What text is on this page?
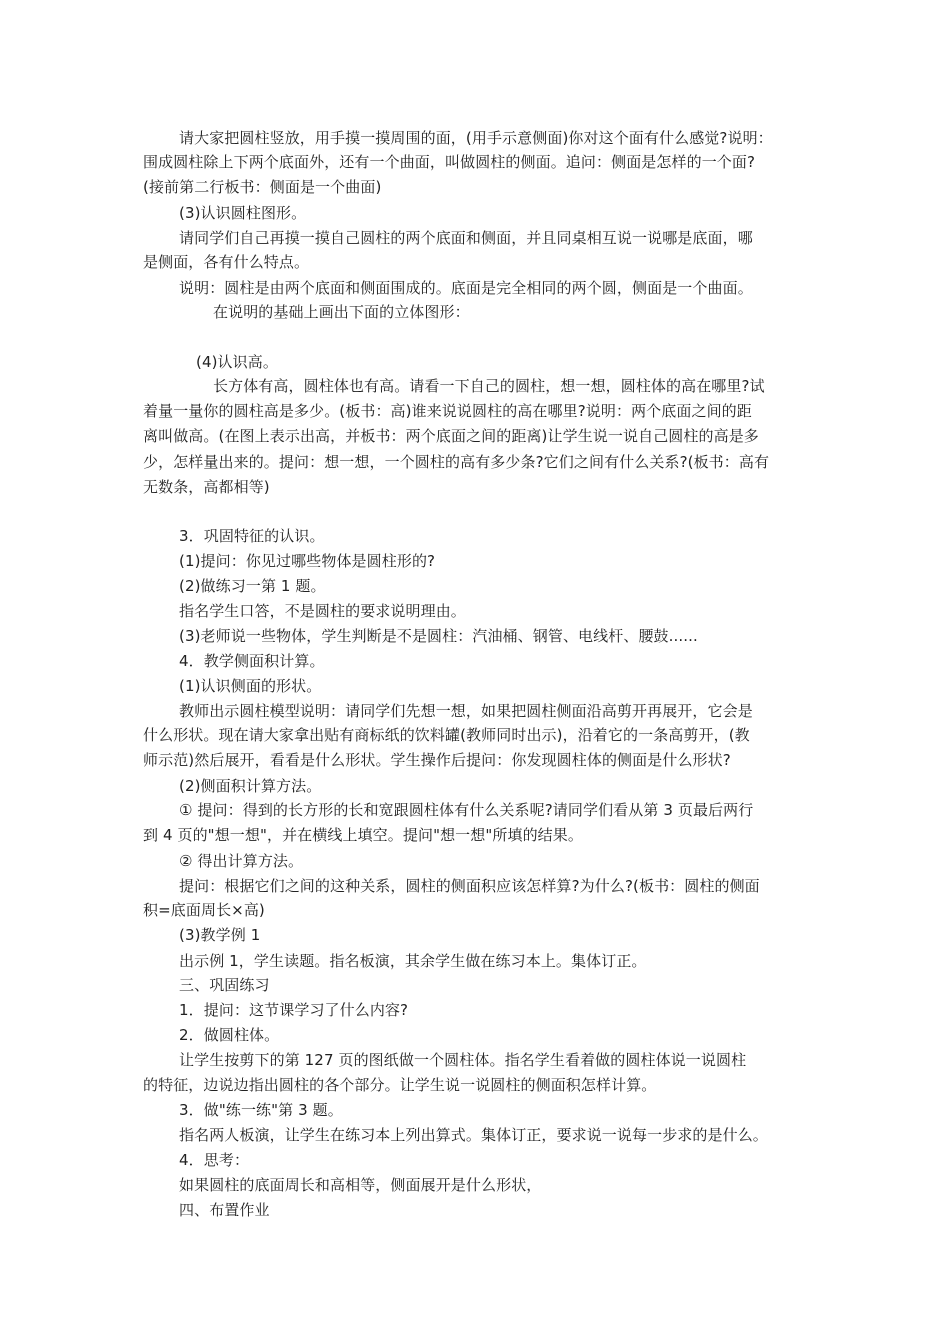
请大家把圆柱竖放，用手摸一摸周围的面，(用手示意侧面)你对这个面有什么感觉?说明：
围成圆柱除上下两个底面外，还有一个曲面，叫做圆柱的侧面。追问：侧面是怎样的一个面?
(接前第二行板书：侧面是一个曲面)
(3)认识圆柱图形。
请同学们自己再摸一摸自己圆柱的两个底面和侧面，并且同桌相互说一说哪是底面，哪
是侧面，各有什么特点。
说明：圆柱是由两个底面和侧面围成的。底面是完全相同的两个圆，侧面是一个曲面。
在说明的基础上画出下面的立体图形：
(4)认识高。
长方体有高，圆柱体也有高。请看一下自己的圆柱，想一想，圆柱体的高在哪里?试
着量一量你的圆柱高是多少。(板书：高)谁来说说圆柱的高在哪里?说明：两个底面之间的距
离叫做高。(在图上表示出高，并板书：两个底面之间的距离)让学生说一说自己圆柱的高是多
少，怎样量出来的。提问：想一想，一个圆柱的高有多少条?它们之间有什么关系?(板书：高有
无数条，高都相等)
3．巩固特征的认识。
(1)提问：你见过哪些物体是圆柱形的?
(2)做练习一第 1 题。
指名学生口答，不是圆柱的要求说明理由。
(3)老师说一些物体，学生判断是不是圆柱：汽油桶、钢管、电线杆、腰鼓......
4．教学侧面积计算。
(1)认识侧面的形状。
教师出示圆柱模型说明：请同学们先想一想，如果把圆柱侧面沿高剪开再展开，它会是
什么形状。现在请大家拿出贴有商标纸的饮料罐(教师同时出示)，沿着它的一条高剪开，(教
师示范)然后展开，看看是什么形状。学生操作后提问：你发现圆柱体的侧面是什么形状?
(2)侧面积计算方法。
① 提问：得到的长方形的长和宽跟圆柱体有什么关系呢?请同学们看从第 3 页最后两行
到 4 页的"想一想"，并在横线上填空。提问"想一想"所填的结果。
② 得出计算方法。
提问：根据它们之间的这种关系，圆柱的侧面积应该怎样算?为什么?(板书：圆柱的侧面
积=底面周长×高)
(3)教学例 1
出示例 1，学生读题。指名板演，其余学生做在练习本上。集体订正。
三、巩固练习
1．提问：这节课学习了什么内容?
2．做圆柱体。
让学生按剪下的第 127 页的图纸做一个圆柱体。指名学生看着做的圆柱体说一说圆柱
的特征，边说边指出圆柱的各个部分。让学生说一说圆柱的侧面积怎样计算。
3．做"练一练"第 3 题。
指名两人板演，让学生在练习本上列出算式。集体订正，要求说一说每一步求的是什么。
4．思考：
如果圆柱的底面周长和高相等，侧面展开是什么形状，
四、布置作业
